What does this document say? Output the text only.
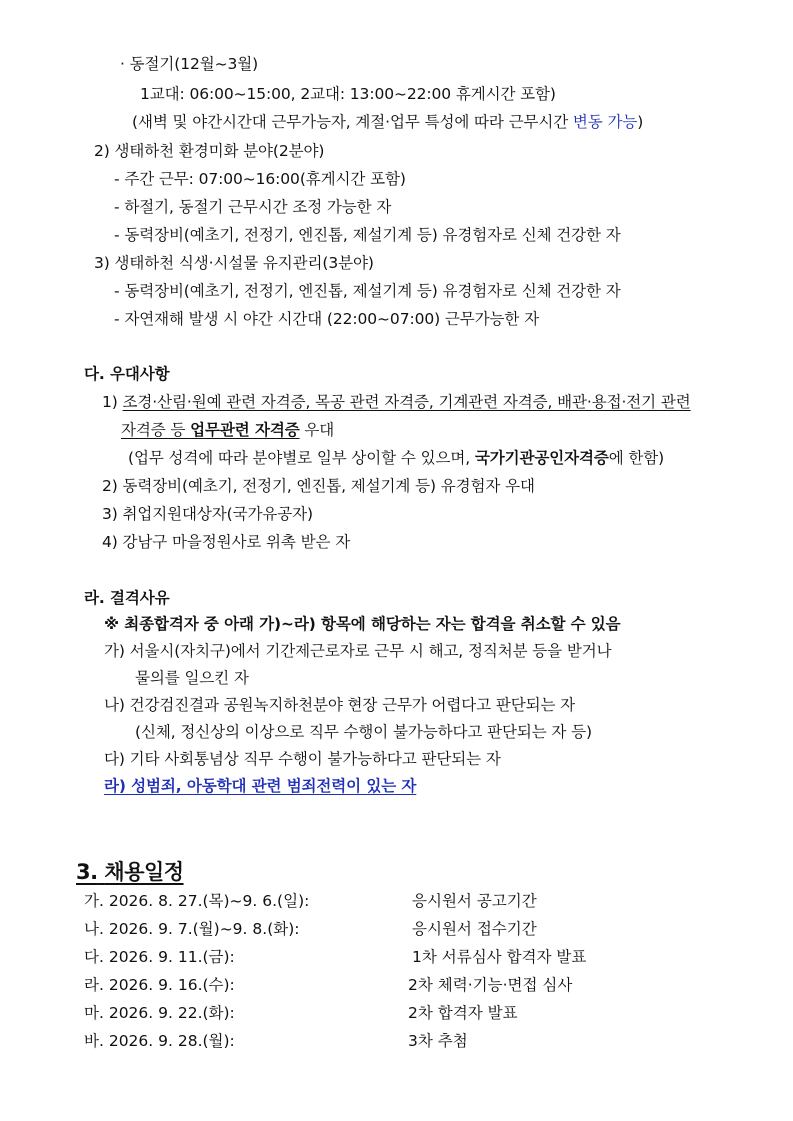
· 동절기(12월~3월)
1교대: 06:00~15:00, 2교대: 13:00~22:00 휴게시간 포함)
(새벽 및 야간시간대 근무가능자, 계절·업무 특성에 따라 근무시간 변동 가능)
2) 생태하천 환경미화 분야(2분야)
- 주간 근무: 07:00~16:00(휴게시간 포함)
- 하절기, 동절기 근무시간 조정 가능한 자
- 동력장비(예초기, 전정기, 엔진톱, 제설기계 등) 유경험자로 신체 건강한 자
3) 생태하천 식생·시설물 유지관리(3분야)
- 동력장비(예초기, 전정기, 엔진톱, 제설기계 등) 유경험자로 신체 건강한 자
- 자연재해 발생 시 야간 시간대 (22:00~07:00) 근무가능한 자
다. 우대사항
1) 조경·산림·원예 관련 자격증, 목공 관련 자격증, 기계관련 자격증, 배관·용접·전기 관련
자격증 등 업무관련 자격증 우대
(업무 성격에 따라 분야별로 일부 상이할 수 있으며, 국가기관공인자격증에 한함)
2) 동력장비(예초기, 전정기, 엔진톱, 제설기계 등) 유경험자 우대
3) 취업지원대상자(국가유공자)
4) 강남구 마을정원사로 위촉 받은 자
라. 결격사유
※ 최종합격자 중 아래 가)~라) 항목에 해당하는 자는 합격을 취소할 수 있음
가) 서울시(자치구)에서 기간제근로자로 근무 시 해고, 정직처분 등을 받거나
물의를 일으킨 자
나) 건강검진결과 공원녹지하천분야 현장 근무가 어렵다고 판단되는 자
(신체, 정신상의 이상으로 직무 수행이 불가능하다고 판단되는 자 등)
다) 기타 사회통념상 직무 수행이 불가능하다고 판단되는 자
라) 성범죄, 아동학대 관련 범죄전력이 있는 자
3. 채용일정
가. 2026. 8. 27.(목)~9. 6.(일):	응시원서 공고기간
나. 2026. 9. 7.(월)~9. 8.(화):	응시원서 접수기간
다. 2026. 9. 11.(금):	1차 서류심사 합격자 발표
라. 2026. 9. 16.(수):	2차 체력·기능·면접 심사
마. 2026. 9. 22.(화):	2차 합격자 발표
바. 2026. 9. 28.(월):	3차 추첨
